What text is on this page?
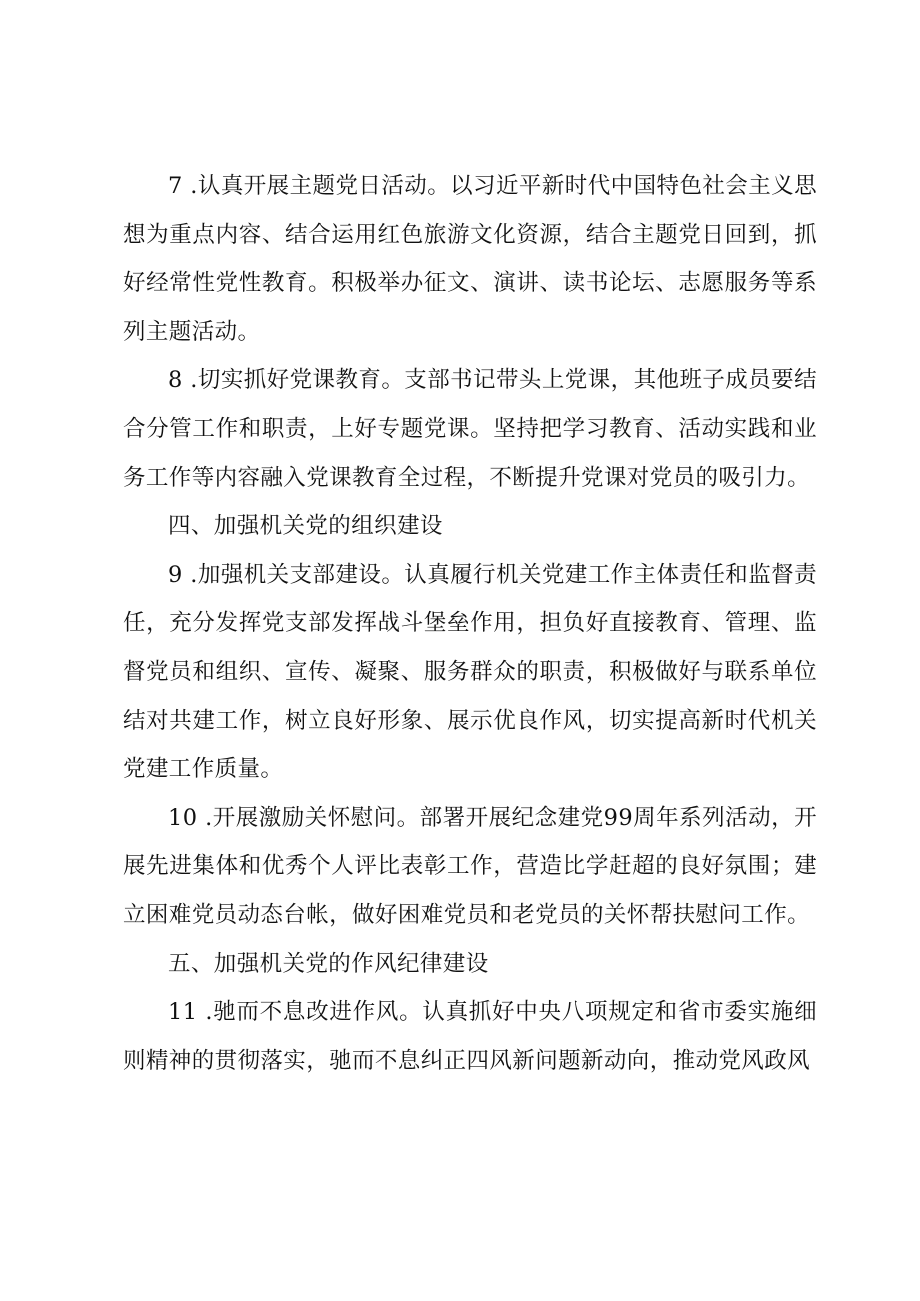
7 .认真开展主题党日活动。以习近平新时代中国特色社会主义思想为重点内容、结合运用红色旅游文化资源，结合主题党日回到，抓好经常性党性教育。积极举办征文、演讲、读书论坛、志愿服务等系列主题活动。

8 .切实抓好党课教育。支部书记带头上党课，其他班子成员要结合分管工作和职责，上好专题党课。坚持把学习教育、活动实践和业务工作等内容融入党课教育全过程，不断提升党课对党员的吸引力。

四、加强机关党的组织建设

9 .加强机关支部建设。认真履行机关党建工作主体责任和监督责任，充分发挥党支部发挥战斗堡垒作用，担负好直接教育、管理、监督党员和组织、宣传、凝聚、服务群众的职责，积极做好与联系单位结对共建工作，树立良好形象、展示优良作风，切实提高新时代机关党建工作质量。

10 .开展激励关怀慰问。部署开展纪念建党99周年系列活动，开展先进集体和优秀个人评比表彰工作，营造比学赶超的良好氛围；建立困难党员动态台帐，做好困难党员和老党员的关怀帮扶慰问工作。

五、加强机关党的作风纪律建设

11 .驰而不息改进作风。认真抓好中央八项规定和省市委实施细则精神的贯彻落实，驰而不息纠正四风新问题新动向，推动党风政风
